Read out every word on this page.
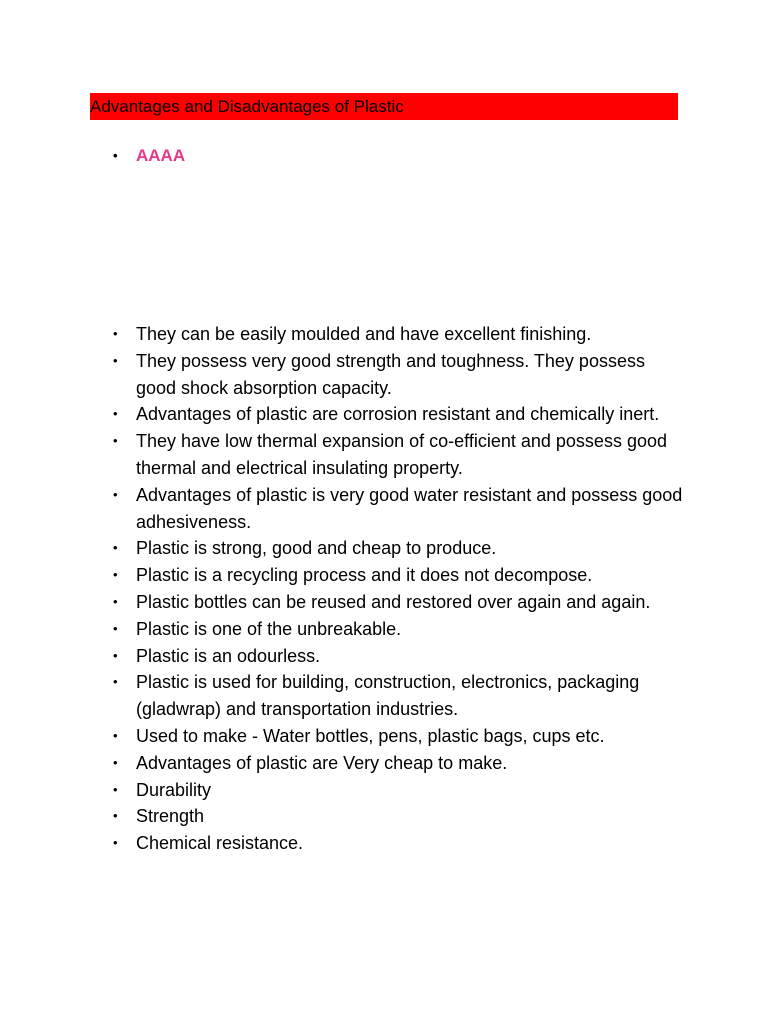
Advantages and Disadvantages of Plastic
• AAAA
• They can be easily moulded and have excellent finishing.
• They possess very good strength and toughness. They possess good shock absorption capacity.
• Advantages of plastic are corrosion resistant and chemically inert.
• They have low thermal expansion of co-efficient and possess good thermal and electrical insulating property.
• Advantages of plastic is very good water resistant and possess good adhesiveness.
• Plastic is strong, good and cheap to produce.
• Plastic is a recycling process and it does not decompose.
• Plastic bottles can be reused and restored over again and again.
• Plastic is one of the unbreakable.
• Plastic is an odourless.
• Plastic is used for building, construction, electronics, packaging (gladwrap) and transportation industries.
• Used to make - Water bottles, pens, plastic bags, cups etc.
• Advantages of plastic are Very cheap to make.
• Durability
• Strength
• Chemical resistance.
